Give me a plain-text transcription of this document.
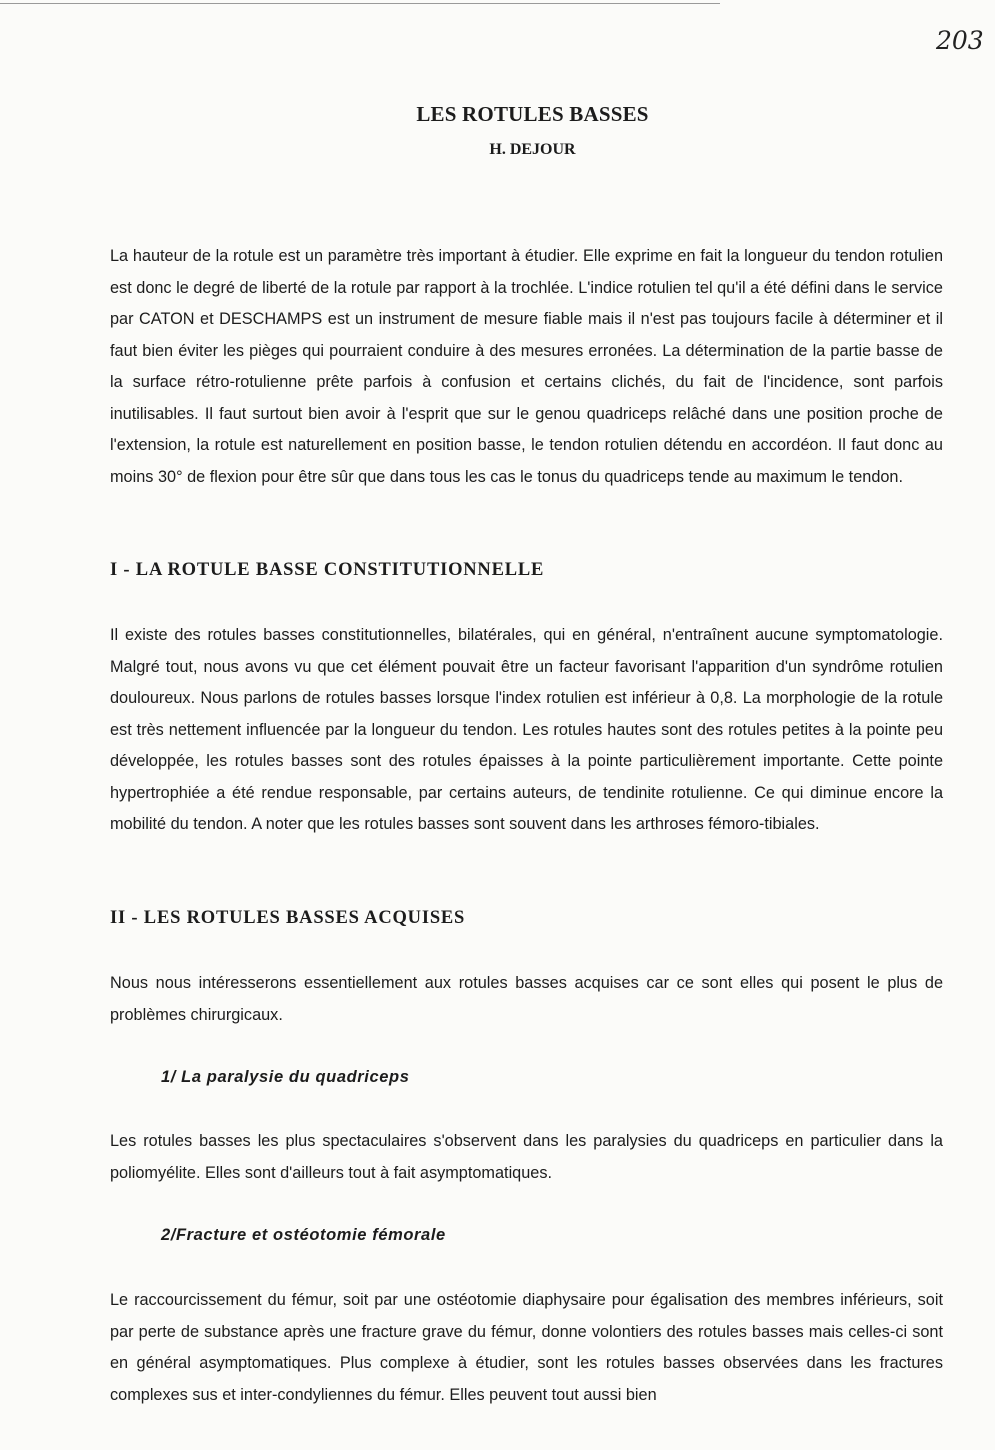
203
LES ROTULES BASSES
H. DEJOUR

La hauteur de la rotule est un paramètre très important à étudier. Elle exprime en fait la longueur du tendon rotulien est donc le degré de liberté de la rotule par rapport à la trochlée. L'indice rotulien tel qu'il a été défini dans le service par CATON et DESCHAMPS est un instrument de mesure fiable mais il n'est pas toujours facile à déterminer et il faut bien éviter les pièges qui pourraient conduire à des mesures erronées. La détermination de la partie basse de la surface rétro-rotulienne prête parfois à confusion et certains clichés, du fait de l'incidence, sont parfois inutilisables. Il faut surtout bien avoir à l'esprit que sur le genou quadriceps relâché dans une position proche de l'extension, la rotule est naturellement en position basse, le tendon rotulien détendu en accordéon. Il faut donc au moins 30° de flexion pour être sûr que dans tous les cas le tonus du quadriceps tende au maximum le tendon.

I - LA ROTULE BASSE CONSTITUTIONNELLE

Il existe des rotules basses constitutionnelles, bilatérales, qui en général, n'entraînent aucune symptomatologie. Malgré tout, nous avons vu que cet élément pouvait être un facteur favorisant l'apparition d'un syndrôme rotulien douloureux. Nous parlons de rotules basses lorsque l'index rotulien est inférieur à 0,8. La morphologie de la rotule est très nettement influencée par la longueur du tendon. Les rotules hautes sont des rotules petites à la pointe peu développée, les rotules basses sont des rotules épaisses à la pointe particulièrement importante. Cette pointe hypertrophiée a été rendue responsable, par certains auteurs, de tendinite rotulienne. Ce qui diminue encore la mobilité du tendon. A noter que les rotules basses sont souvent dans les arthroses fémoro-tibiales.

II - LES ROTULES BASSES ACQUISES

Nous nous intéresserons essentiellement aux rotules basses acquises car ce sont elles qui posent le plus de problèmes chirurgicaux.

1/ La paralysie du quadriceps

Les rotules basses les plus spectaculaires s'observent dans les paralysies du quadriceps en particulier dans la poliomyélite. Elles sont d'ailleurs tout à fait asymptomatiques.

2/Fracture et ostéotomie fémorale

Le raccourcissement du fémur, soit par une ostéotomie diaphysaire pour égalisation des membres inférieurs, soit par perte de substance après une fracture grave du fémur, donne volontiers des rotules basses mais celles-ci sont en général asymptomatiques. Plus complexe à étudier, sont les rotules basses observées dans les fractures complexes sus et inter-condyliennes du fémur. Elles peuvent tout aussi bien
